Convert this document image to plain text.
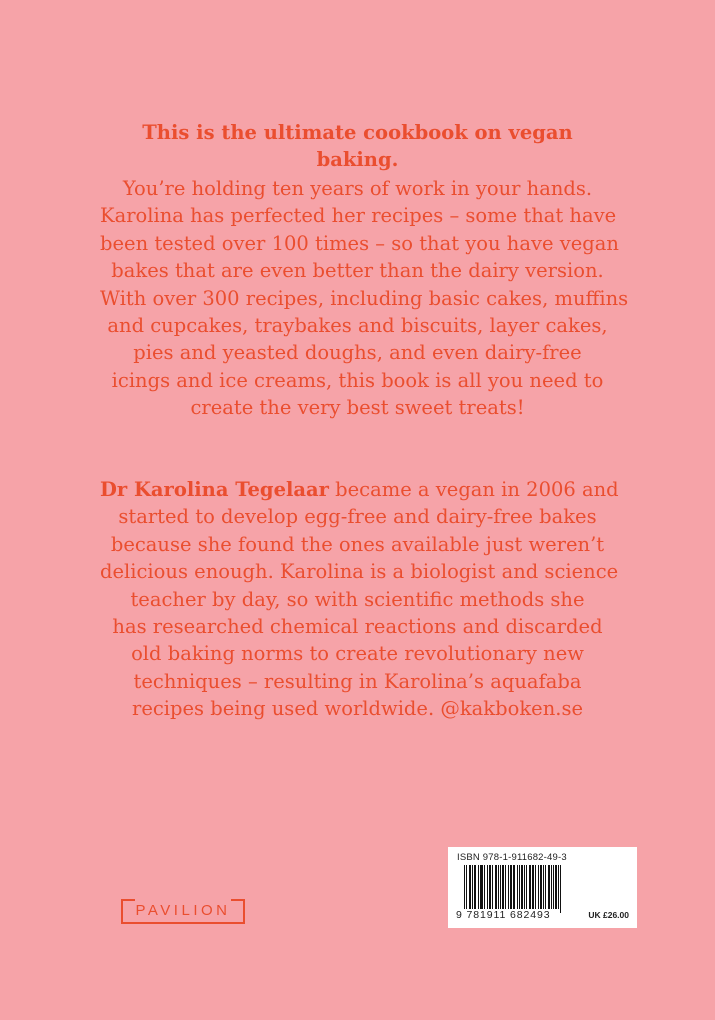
This is the ultimate cookbook on vegan baking.
You’re holding ten years of work in your hands.
Karolina has perfected her recipes – some that have
been tested over 100 times – so that you have vegan
bakes that are even better than the dairy version.
With over 300 recipes, including basic cakes, muffins
and cupcakes, traybakes and biscuits, layer cakes,
pies and yeasted doughs, and even dairy-free
icings and ice creams, this book is all you need to
create the very best sweet treats!
Dr Karolina Tegelaar became a vegan in 2006 and
started to develop egg-free and dairy-free bakes
because she found the ones available just weren’t
delicious enough. Karolina is a biologist and science
teacher by day, so with scientific methods she
has researched chemical reactions and discarded
old baking norms to create revolutionary new
techniques – resulting in Karolina’s aquafaba
recipes being used worldwide. @kakboken.se
PAVILION
ISBN 978-1-911682-49-3
9 781911 682493	UK £26.00
